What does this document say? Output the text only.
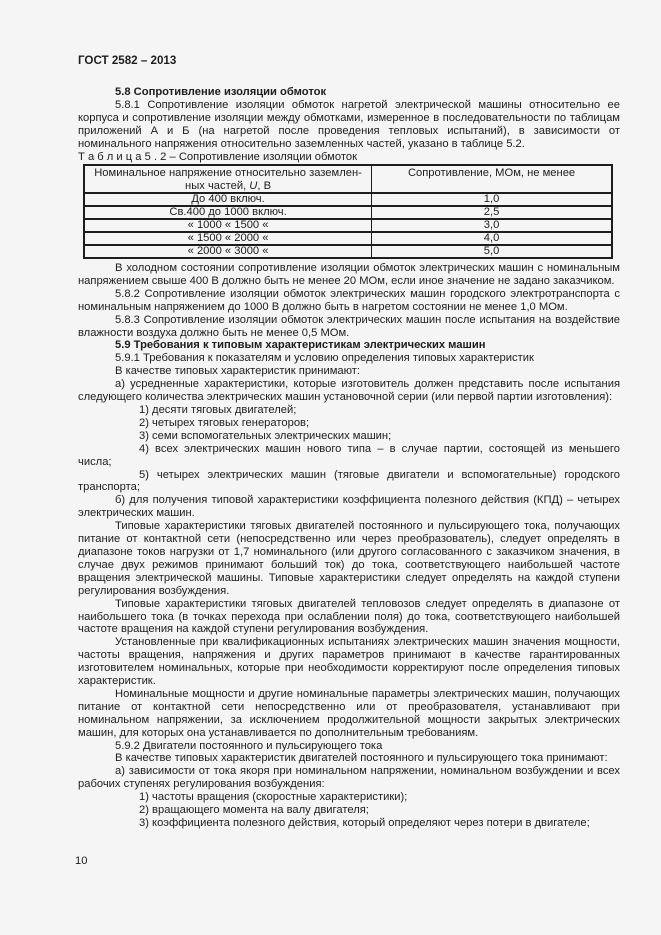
ГОСТ 2582 – 2013

5.8 Сопротивление изоляции обмоток

5.8.1 Сопротивление изоляции обмоток нагретой электрической машины относительно ее корпуса и сопротивление изоляции между обмотками, измеренное в последовательности по таблицам приложений А и Б (на нагретой после проведения тепловых испытаний), в зависимости от номинального напряжения относительно заземленных частей, указано в таблице 5.2.

Т а б л и ц а 5 . 2 – Сопротивление изоляции обмоток

Номинальное напряжение относительно заземлен-
ных частей, U, В	Сопротивление, МОм, не менее
До 400 включ.	1,0
Св.400 до 1000 включ.	2,5
« 1000 « 1500 «	3,0
« 1500 « 2000 «	4,0
« 2000 « 3000 «	5,0

В холодном состоянии сопротивление изоляции обмоток электрических машин с номинальным напряжением свыше 400 В должно быть не менее 20 МОм, если иное значение не задано заказчиком.

5.8.2 Сопротивление изоляции обмоток электрических машин городского электротранспорта с номинальным напряжением до 1000 В должно быть в нагретом состоянии не менее 1,0 МОм.

5.8.3 Сопротивление изоляции обмоток электрических машин после испытания на воздействие влажности воздуха должно быть не менее 0,5 МОм.

5.9 Требования к типовым характеристикам электрических машин

5.9.1 Требования к показателям и условию определения типовых характеристик

В качестве типовых характеристик принимают:

а) усредненные характеристики, которые изготовитель должен представить после испытания следующего количества электрических машин установочной серии (или первой партии изготовления):

1) десяти тяговых двигателей;

2) четырех тяговых генераторов;

3) семи вспомогательных электрических машин;

4) всех электрических машин нового типа – в случае партии, состоящей из меньшего числа;

5) четырех электрических машин (тяговые двигатели и вспомогательные) городского транспорта;

б) для получения типовой характеристики коэффициента полезного действия (КПД) – четырех электрических машин.

Типовые характеристики тяговых двигателей постоянного и пульсирующего тока, получающих питание от контактной сети (непосредственно или через преобразователь), следует определять в диапазоне токов нагрузки от 1,7 номинального (или другого согласованного с заказчиком значения, в случае двух режимов принимают больший ток) до тока, соответствующего наибольшей частоте вращения электрической машины. Типовые характеристики следует определять на каждой ступени регулирования возбуждения.

Типовые характеристики тяговых двигателей тепловозов следует определять в диапазоне от наибольшего тока (в точках перехода при ослаблении поля) до тока, соответствующего наибольшей частоте вращения на каждой ступени регулирования возбуждения.

Установленные при квалификационных испытаниях электрических машин значения мощности, частоты вращения, напряжения и других параметров принимают в качестве гарантированных изготовителем номинальных, которые при необходимости корректируют после определения типовых характеристик.

Номинальные мощности и другие номинальные параметры электрических машин, получающих питание от контактной сети непосредственно или от преобразователя, устанавливают при номинальном напряжении, за исключением продолжительной мощности закрытых электрических машин, для которых она устанавливается по дополнительным требованиям.

5.9.2 Двигатели постоянного и пульсирующего тока

В качестве типовых характеристик двигателей постоянного и пульсирующего тока принимают:

а) зависимости от тока якоря при номинальном напряжении, номинальном возбуждении и всех рабочих ступенях регулирования возбуждения:

1) частоты вращения (скоростные характеристики);

2) вращающего момента на валу двигателя;

3) коэффициента полезного действия, который определяют через потери в двигателе;

10
